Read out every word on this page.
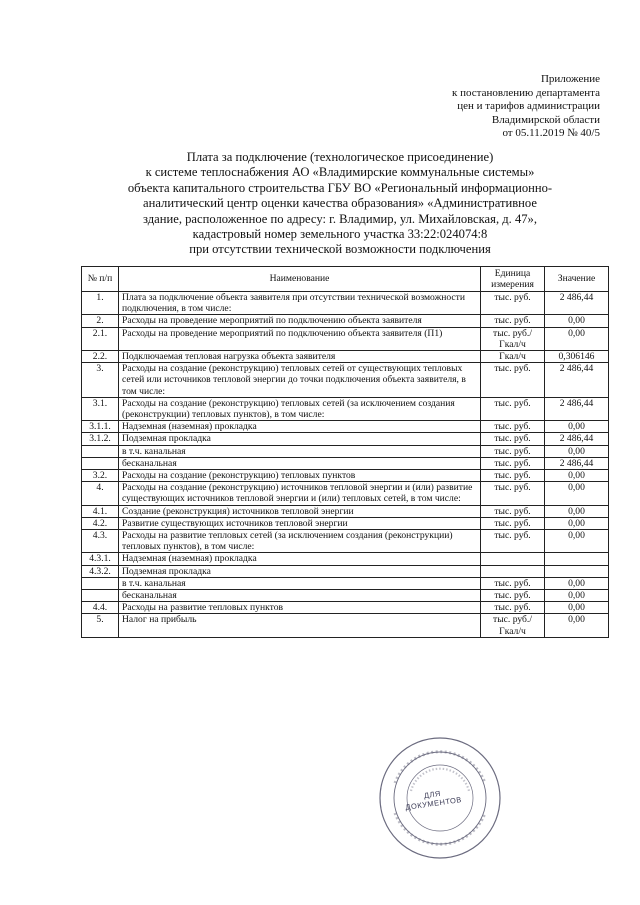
Приложение
к постановлению департамента
цен и тарифов администрации
Владимирской области
от 05.11.2019 № 40/5
Плата за подключение (технологическое присоединение)
к системе теплоснабжения АО «Владимирские коммунальные системы»
объекта капитального строительства ГБУ ВО «Региональный информационно-
аналитический центр оценки качества образования» «Административное
здание, расположенное по адресу: г. Владимир, ул. Михайловская, д. 47»,
кадастровый номер земельного участка 33:22:024074:8
при отсутствии технической возможности подключения
№ п/п	Наименование	Единица измерения	Значение
1.	Плата за подключение объекта заявителя при отсутствии технической возможности подключения, в том числе:	тыс. руб.	2 486,44
2.	Расходы на проведение мероприятий по подключению объекта заявителя	тыс. руб.	0,00
2.1.	Расходы на проведение мероприятий по подключению объекта заявителя (П1)	тыс. руб./ Гкал/ч	0,00
2.2.	Подключаемая тепловая нагрузка объекта заявителя	Гкал/ч	0,306146
3.	Расходы на создание (реконструкцию) тепловых сетей от существующих тепловых сетей или источников тепловой энергии до точки подключения объекта заявителя, в том числе:	тыс. руб.	2 486,44
3.1.	Расходы на создание (реконструкцию) тепловых сетей (за исключением создания (реконструкции) тепловых пунктов), в том числе:	тыс. руб.	2 486,44
3.1.1.	Надземная (наземная) прокладка	тыс. руб.	0,00
3.1.2.	Подземная прокладка	тыс. руб.	2 486,44
	в т.ч. канальная	тыс. руб.	0,00
	бесканальная	тыс. руб.	2 486,44
3.2.	Расходы на создание (реконструкцию) тепловых пунктов	тыс. руб.	0,00
4.	Расходы на создание (реконструкцию) источников тепловой энергии и (или) развитие существующих источников тепловой энергии и (или) тепловых сетей, в том числе:	тыс. руб.	0,00
4.1.	Создание (реконструкция) источников тепловой энергии	тыс. руб.	0,00
4.2.	Развитие существующих источников тепловой энергии	тыс. руб.	0,00
4.3.	Расходы на развитие тепловых сетей (за исключением создания (реконструкции) тепловых пунктов), в том числе:	тыс. руб.	0,00
4.3.1.	Надземная (наземная) прокладка		
4.3.2.	Подземная прокладка		
	в т.ч. канальная	тыс. руб.	0,00
	бесканальная	тыс. руб.	0,00
4.4.	Расходы на развитие тепловых пунктов	тыс. руб.	0,00
5.	Налог на прибыль	тыс. руб./ Гкал/ч	0,00
ДЛЯ ДОКУМЕНТОВ
